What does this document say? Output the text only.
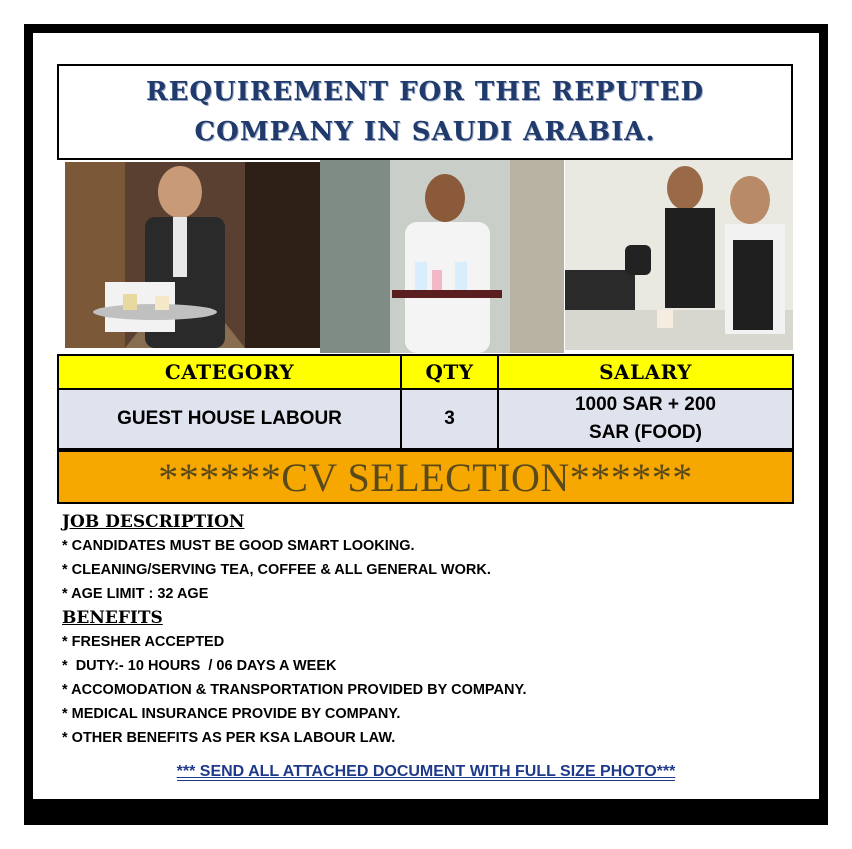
REQUIREMENT FOR THE REPUTED COMPANY IN SAUDI ARABIA.
CATEGORY	QTY	SALARY
GUEST HOUSE LABOUR	3	1000 SAR + 200 SAR (FOOD)
******CV SELECTION******
JOB DESCRIPTION
* CANDIDATES MUST BE GOOD SMART LOOKING.
* CLEANING/SERVING TEA, COFFEE & ALL GENERAL WORK.
* AGE LIMIT : 32 AGE
BENEFITS
* FRESHER ACCEPTED
*  DUTY:- 10 HOURS  / 06 DAYS A WEEK
* ACCOMODATION & TRANSPORTATION PROVIDED BY COMPANY.
* MEDICAL INSURANCE PROVIDE BY COMPANY.
* OTHER BENEFITS AS PER KSA LABOUR LAW.
*** SEND ALL ATTACHED DOCUMENT WITH FULL SIZE PHOTO***
